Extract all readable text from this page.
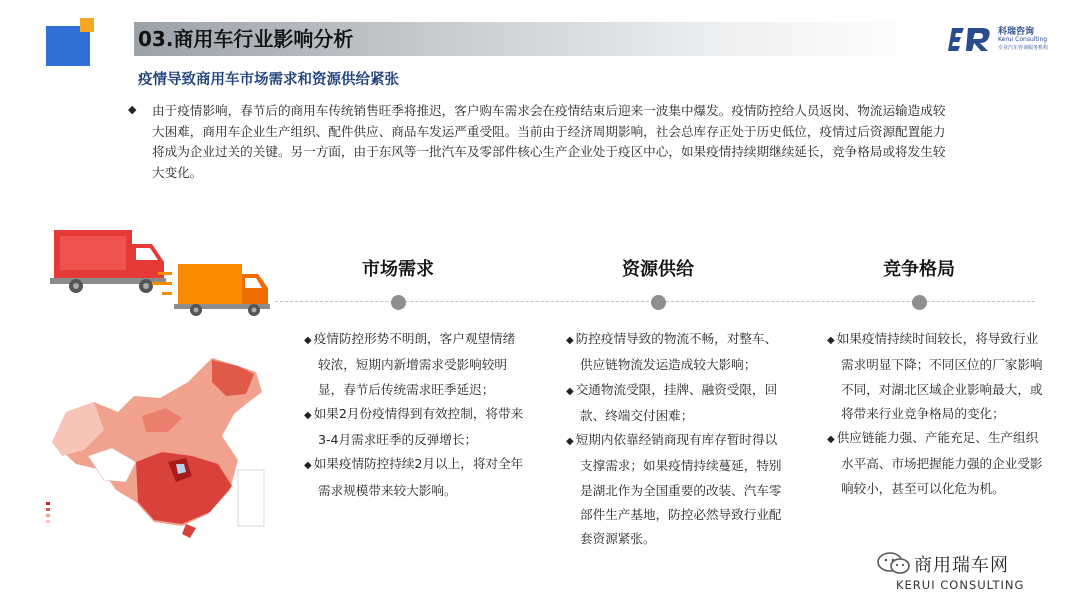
03.商用车行业影响分析
疫情导致商用车市场需求和资源供给紧张
科瑞咨询
Kerui Consulting
专业汽车咨询服务机构
◆ 由于疫情影响，春节后的商用车传统销售旺季将推迟，客户购车需求会在疫情结束后迎来一波集中爆发。疫情防控给人员返岗、物流运输造成较大困难，商用车企业生产组织、配件供应、商品车发运严重受阻。当前由于经济周期影响，社会总库存正处于历史低位，疫情过后资源配置能力将成为企业过关的关键。另一方面，由于东风等一批汽车及零部件核心生产企业处于疫区中心，如果疫情持续期继续延长，竞争格局或将发生较大变化。
市场需求	资源供给	竞争格局
◆ 疫情防控形势不明朗，客户观望情绪较浓，短期内新增需求受影响较明显，春节后传统需求旺季延迟；
◆ 如果2月份疫情得到有效控制，将带来3-4月需求旺季的反弹增长；
◆ 如果疫情防控持续2月以上，将对全年需求规模带来较大影响。
◆ 防控疫情导致的物流不畅，对整车、供应链物流发运造成较大影响；
◆ 交通物流受限，挂牌、融资受限，回款、终端交付困难；
◆ 短期内依靠经销商现有库存暂时得以支撑需求；如果疫情持续蔓延，特别是湖北作为全国重要的改装、汽车零部件生产基地，防控必然导致行业配套资源紧张。
◆ 如果疫情持续时间较长，将导致行业需求明显下降；不同区位的厂家影响不同，对湖北区域企业影响最大，或将带来行业竞争格局的变化；
◆ 供应链能力强、产能充足、生产组织水平高、市场把握能力强的企业受影响较小，甚至可以化危为机。
商用瑞车网
KERUI CONSULTING
